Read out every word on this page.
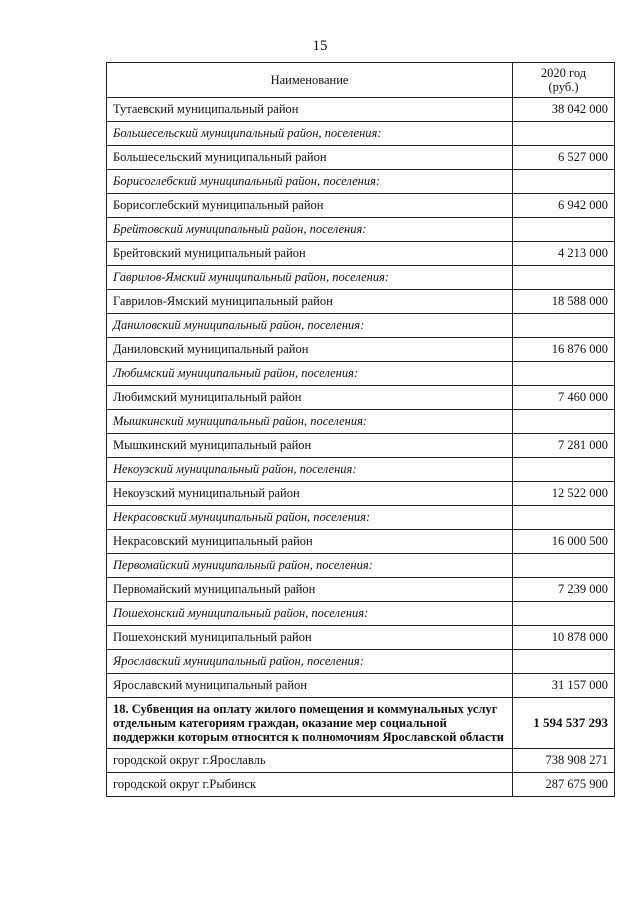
15
Наименование	2020 год
(руб.)
Тутаевский муниципальный район	38 042 000
Большесельский муниципальный район, поселения:	
Большесельский муниципальный район	6 527 000
Борисоглебский муниципальный район, поселения:	
Борисоглебский муниципальный район	6 942 000
Брейтовский муниципальный район, поселения:	
Брейтовский муниципальный район	4 213 000
Гаврилов-Ямский муниципальный район, поселения:	
Гаврилов-Ямский муниципальный район	18 588 000
Даниловский муниципальный район, поселения:	
Даниловский муниципальный район	16 876 000
Любимский муниципальный район, поселения:	
Любимский муниципальный район	7 460 000
Мышкинский муниципальный район, поселения:	
Мышкинский муниципальный район	7 281 000
Некоузский муниципальный район, поселения:	
Некоузский муниципальный район	12 522 000
Некрасовский муниципальный район, поселения:	
Некрасовский муниципальный район	16 000 500
Первомайский муниципальный район, поселения:	
Первомайский муниципальный район	7 239 000
Пошехонский муниципальный район, поселения:	
Пошехонский муниципальный район	10 878 000
Ярославский муниципальный район, поселения:	
Ярославский муниципальный район	31 157 000
18. Субвенция на оплату жилого помещения и коммунальных услуг отдельным категориям граждан, оказание мер социальной поддержки которым относится к полномочиям Ярославской области	1 594 537 293
городской округ г.Ярославль	738 908 271
городской округ г.Рыбинск	287 675 900
